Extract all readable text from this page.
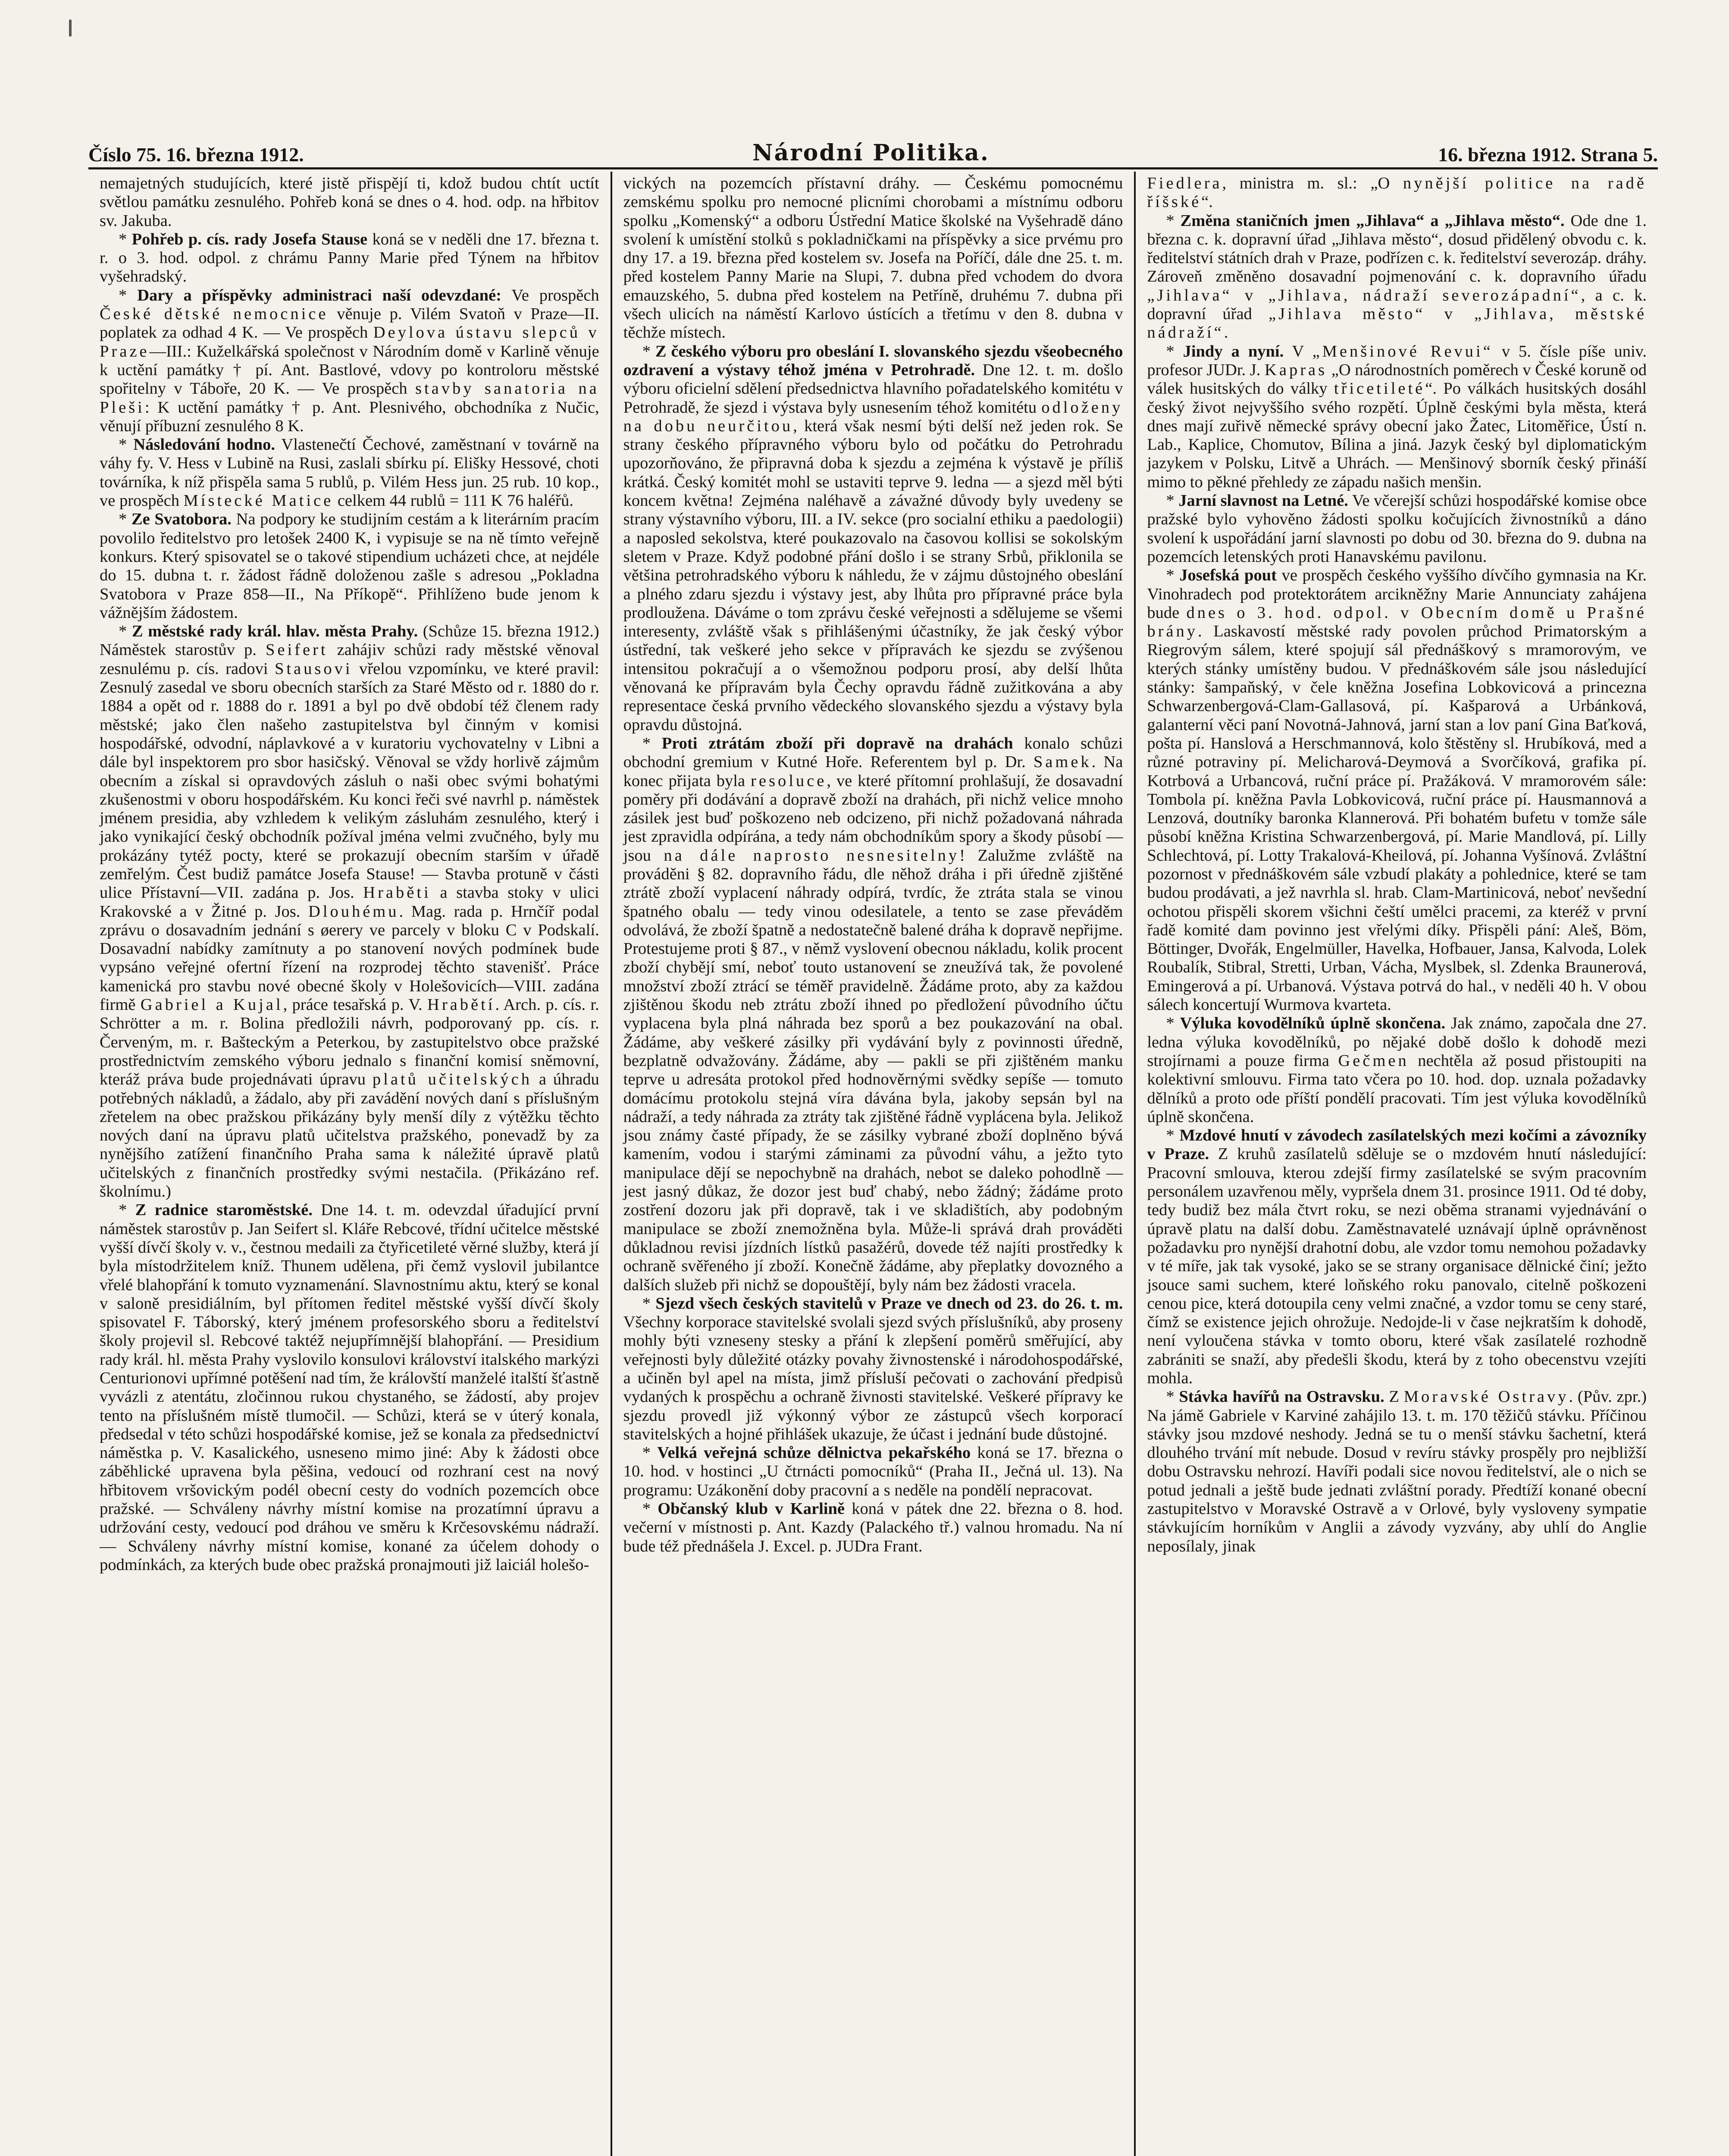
Číslo 75. 16. března 1912.	Národní Politika.	16. března 1912. Strana 5.

nemajetných studujících, které jistě přispějí ti, kdož budou chtít uctít světlou památku zesnulého. Pohřeb koná se dnes o 4. hod. odp. na hřbitov sv. Jakuba.

* Pohřeb p. cís. rady Josefa Stause koná se v neděli dne 17. března t. r. o 3. hod. odpol. z chrámu Panny Marie před Týnem na hřbitov vyšehradský.

* Dary a příspěvky administraci naší odevzdané: Ve prospěch České dětské nemocnice věnuje p. Vilém Svatoň v Praze—II. poplatek za odhad 4 K. — Ve prospěch Deylova ústavu slepců v Praze—III.: Kuželkářská společnost v Národním domě v Karlině věnuje k uctění památky † pí. Ant. Bastlové, vdovy po kontroloru městské spořitelny v Táboře, 20 K. — Ve prospěch stavby sanatoria na Pleši: K uctění památky † p. Ant. Plesnivého, obchodníka z Nučic, věnují příbuzní zesnulého 8 K.

* Následování hodno. Vlastenečtí Čechové, zaměstnaní v továrně na váhy fy. V. Hess v Lubině na Rusi, zaslali sbírku pí. Elišky Hessové, choti továrníka, k níž přispěla sama 5 rublů, p. Vilém Hess jun. 25 rub. 10 kop., ve prospěch Místecké Matice celkem 44 rublů = 111 K 76 haléřů.

* Ze Svatobora. Na podpory ke studijním cestám a k literárním pracím povolilo ředitelstvo pro letošek 2400 K, i vypisuje se na ně tímto veřejně konkurs. Který spisovatel se o takové stipendium ucházeti chce, at nejdéle do 15. dubna t. r. žádost řádně doloženou zašle s adresou „Pokladna Svatobora v Praze 858—II., Na Příkopě“. Přihlíženo bude jenom k vážnějším žádostem.

* Z městské rady král. hlav. města Prahy. (Schůze 15. března 1912.) Náměstek starostův p. Seifert zahájiv schůzi rady městské věnoval zesnulému p. cís. radovi Stausovi vřelou vzpomínku, ve které pravil: Zesnulý zasedal ve sboru obecních starších za Staré Město od r. 1880 do r. 1884 a opět od r. 1888 do r. 1891 a byl po dvě období též členem rady městské; jako člen našeho zastupitelstva byl činným v komisi hospodářské, odvodní, náplavkové a v kuratoriu vychovatelny v Libni a dále byl inspektorem pro sbor hasičský. Věnoval se vždy horlivě zájmům obecním a získal si opravdových zásluh o naši obec svými bohatými zkušenostmi v oboru hospodářském. Ku konci řeči své navrhl p. náměstek jménem presidia, aby vzhledem k velikým zásluhám zesnulého, který i jako vynikající český obchodník požíval jména velmi zvučného, byly mu prokázány tytéž pocty, které se prokazují obecním starším v úřadě zemřelým. Čest budiž památce Josefa Stause! — Stavba protuně v části ulice Přístavní—VII. zadána p. Jos. Hraběti a stavba stoky v ulici Krakovské a v Žitné p. Jos. Dlouhému. Mag. rada p. Hrnčíř podal zprávu o dosavadním jednání s øerery ve parcely v bloku C v Podskalí. Dosavadní nabídky zamítnuty a po stanovení nových podmínek bude vypsáno veřejné ofertní řízení na rozprodej těchto stavenišť. Práce kamenická pro stavbu nové obecné školy v Holešovicích—VIII. zadána firmě Gabriel a Kujal, práce tesařská p. V. Hrabětí. Arch. p. cís. r. Schrötter a m. r. Bolina předložili návrh, podporovaný pp. cís. r. Červeným, m. r. Bašteckým a Peterkou, by zastupitelstvo obce pražské prostřednictvím zemského výboru jednalo s finanční komisí sněmovní, kteráž práva bude projednávati úpravu platů učitelských a úhradu potřebných nákladů, a žádalo, aby při zavádění nových daní s příslušným zřetelem na obec pražskou přikázány byly menší díly z výtěžku těchto nových daní na úpravu platů učitelstva pražského, ponevadž by za nynějšího zatížení finančního Praha sama k náležité úpravě platů učitelských z finančních prostředky svými nestačila. (Přikázáno ref. školnímu.)

* Z radnice staroměstské. Dne 14. t. m. odevzdal úřadující první náměstek starostův p. Jan Seifert sl. Kláře Rebcové, třídní učitelce městské vyšší dívčí školy v. v., čestnou medaili za čtyřicetileté věrné služby, která jí byla místodržitelem kníž. Thunem udělena, při čemž vyslovil jubilantce vřelé blahopřání k tomuto vyznamenání. Slavnostnímu aktu, který se konal v saloně presidiálním, byl přítomen ředitel městské vyšší dívčí školy spisovatel F. Táborský, který jménem profesorského sboru a ředitelství školy projevil sl. Rebcové taktéž nejupřímnější blahopřání. — Presidium rady král. hl. města Prahy vyslovilo konsulovi království italského markýzi Centurionovi upřímné potěšení nad tím, že královští manželé italští šťastně vyvázli z atentátu, zločinnou rukou chystaného, se žádostí, aby projev tento na příslušném místě tlumočil. — Schůzi, která se v úterý konala, předsedal v této schůzi hospodářské komise, jež se konala za předsednictví náměstka p. V. Kasalického, usneseno mimo jiné: Aby k žádosti obce záběhlické upravena byla pěšina, vedoucí od rozhraní cest na nový hřbitovem vršovickým podél obecní cesty do vodních pozemcích obce pražské. — Schváleny návrhy místní komise na prozatímní úpravu a udržování cesty, vedoucí pod dráhou ve směru k Krčesovskému nádraží. — Schváleny návrhy místní komise, konané za účelem dohody o podmínkách, za kterých bude obec pražská pronajmouti již laiciál holešo-

vických na pozemcích přístavní dráhy. — Českému pomocnému zemskému spolku pro nemocné plicními chorobami a místnímu odboru spolku „Komenský“ a odboru Ústřední Matice školské na Vyšehradě dáno svolení k umístění stolků s pokladničkami na příspěvky a sice prvému pro dny 17. a 19. března před kostelem sv. Josefa na Poříčí, dále dne 25. t. m. před kostelem Panny Marie na Slupi, 7. dubna před vchodem do dvora emauzského, 5. dubna před kostelem na Petříně, druhému 7. dubna při všech ulicích na náměstí Karlovo ústících a třetímu v den 8. dubna v těchže místech.

* Z českého výboru pro obeslání I. slovanského sjezdu všeobecného ozdravení a výstavy téhož jména v Petrohradě. Dne 12. t. m. došlo výboru oficielní sdělení předsednictva hlavního pořadatelského komitétu v Petrohradě, že sjezd i výstava byly usnesením téhož komitétu odloženy na dobu neurčitou, která však nesmí býti delší než jeden rok. Se strany českého přípravného výboru bylo od počátku do Petrohradu upozorňováno, že připravná doba k sjezdu a zejména k výstavě je příliš krátká. Český komitét mohl se ustaviti teprve 9. ledna — a sjezd měl býti koncem května! Zejména naléhavě a závažné důvody byly uvedeny se strany výstavního výboru, III. a IV. sekce (pro socialní ethiku a paedologii) a naposled sekolstva, které poukazovalo na časovou kollisi se sokolským sletem v Praze. Když podobné přání došlo i se strany Srbů, přiklonila se většina petrohradského výboru k náhledu, že v zájmu důstojného obeslání a plného zdaru sjezdu i výstavy jest, aby lhůta pro přípravné práce byla prodloužena. Dáváme o tom zprávu české veřejnosti a sdělujeme se všemi interesenty, zvláště však s přihlášenými účastníky, že jak český výbor ústřední, tak veškeré jeho sekce v přípravách ke sjezdu se zvýšenou intensitou pokračují a o všemožnou podporu prosí, aby delší lhůta věnovaná ke přípravám byla Čechy opravdu řádně zužitkována a aby representace česká prvního vědeckého slovanského sjezdu a výstavy byla opravdu důstojná.

* Proti ztrátám zboží při dopravě na drahách konalo schůzi obchodní gremium v Kutné Hoře. Referentem byl p. Dr. Samek. Na konec přijata byla resoluce, ve které přítomní prohlašují, že dosavadní poměry při dodávání a dopravě zboží na drahách, při nichž velice mnoho zásilek jest buď poškozeno neb odcizeno, při nichž požadovaná náhrada jest zpravidla odpírána, a tedy nám obchodníkům spory a škody působí — jsou na dále naprosto nesnesitelny! Zalužme zvláště na prováděni § 82. dopravního řádu, dle něhož dráha i při úředně zjištěné ztrátě zboží vyplacení náhrady odpírá, tvrdíc, že ztráta stala se vinou špatného obalu — tedy vinou odesilatele, a tento se zase převáděm odvolává, že zboží špatně a nedostatečně balené dráha k dopravě nepřijme. Protestujeme proti § 87., v němž vyslovení obecnou nákladu, kolik procent zboží chybějí smí, neboť touto ustanovení se zneužívá tak, že povolené množství zboží ztrácí se téměř pravidelně. Žádáme proto, aby za každou zjištěnou škodu neb ztrátu zboží ihned po předložení původního účtu vyplacena byla plná náhrada bez sporů a bez poukazování na obal. Žádáme, aby veškeré zásilky při vydávání byly z povinnosti úředně, bezplatně odvažovány. Žádáme, aby — pakli se při zjištěném manku teprve u adresáta protokol před hodnověrnými svědky sepíše — tomuto domácímu protokolu stejná víra dávána byla, jakoby sepsán byl na nádraží, a tedy náhrada za ztráty tak zjištěné řádně vyplácena byla. Jelikož jsou známy časté případy, že se zásilky vybrané zboží doplněno bývá kamením, vodou i starými záminami za původní váhu, a ježto tyto manipulace dějí se nepochybně na drahách, nebot se daleko pohodlně — jest jasný důkaz, že dozor jest buď chabý, nebo žádný; žádáme proto zostření dozoru jak při dopravě, tak i ve skladištích, aby podobným manipulace se zboží znemožněna byla. Může-li správá drah prováděti důkladnou revisi jízdních lístků pasažérů, dovede též najíti prostředky k ochraně svěřeného jí zboží. Konečně žádáme, aby přeplatky dovozného a dalších služeb při nichž se dopouštějí, byly nám bez žádosti vracela.

* Sjezd všech českých stavitelů v Praze ve dnech od 23. do 26. t. m. Všechny korporace stavitelské svolali sjezd svých příslušníků, aby proseny mohly býti vzneseny stesky a přání k zlepšení poměrů směřující, aby veřejnosti byly důležité otázky povahy živnostenské i národohospodářské, a učiněn byl apel na místa, jimž přísluší pečovati o zachování předpisů vydaných k prospěchu a ochraně živnosti stavitelské. Veškeré přípravy ke sjezdu provedl již výkonný výbor ze zástupců všech korporací stavitelských a hojné přihlášek ukazuje, že účast i jednání bude důstojné.

* Velká veřejná schůze dělnictva pekařského koná se 17. března o 10. hod. v hostinci „U čtrnácti pomocníků“ (Praha II., Ječná ul. 13). Na programu: Uzákonění doby pracovní a s neděle na pondělí nepracovat.

* Občanský klub v Karlině koná v pátek dne 22. března o 8. hod. večerní v místnosti p. Ant. Kazdy (Palackého tř.) valnou hromadu. Na ní bude též přednášela J. Excel. p. JUDra Frant.

Fiedlera, ministra m. sl.: „O nynější politice na radě říšské“.

* Změna staničních jmen „Jihlava“ a „Jihlava město“. Ode dne 1. března c. k. dopravní úřad „Jihlava město“, dosud přidělený obvodu c. k. ředitelství státních drah v Praze, podřízen c. k. ředitelství severozáp. dráhy. Zároveň změněno dosavadní pojmenování c. k. dopravního úřadu „Jihlava“ v „Jihlava, nádraží severozápadní“, a c. k. dopravní úřad „Jihlava město“ v „Jihlava, městské nádraží“.

* Jindy a nyní. V „Menšinové Revui“ v 5. čísle píše univ. profesor JUDr. J. Kapras „O národnostních poměrech v České koruně od válek husitských do války třicetileté“. Po válkách husitských dosáhl český život nejvyššího svého rozpětí. Úplně českými byla města, která dnes mají zuřivě německé správy obecní jako Žatec, Litoměřice, Ústí n. Lab., Kaplice, Chomutov, Bílina a jiná. Jazyk český byl diplomatickým jazykem v Polsku, Litvě a Uhrách. — Menšinový sborník český přináší mimo to pěkné přehledy ze západu našich menšin.

* Jarní slavnost na Letné. Ve včerejší schůzi hospodářské komise obce pražské bylo vyhověno žádosti spolku kočujících živnostníků a dáno svolení k uspořádání jarní slavnosti po dobu od 30. března do 9. dubna na pozemcích letenských proti Hanavskému pavilonu.

* Josefská pout ve prospěch českého vyššího dívčího gymnasia na Kr. Vinohradech pod protektorátem arcikněžny Marie Annunciaty zahájena bude dnes o 3. hod. odpol. v Obecním domě u Prašné brány. Laskavostí městské rady povolen průchod Primatorským a Riegrovým sálem, které spojují sál přednáškový s mramorovým, ve kterých stánky umístěny budou. V přednáškovém sále jsou následující stánky: šampaňský, v čele kněžna Josefina Lobkovicová a princezna Schwarzenbergová-Clam-Gallasová, pí. Kašparová a Urbánková, galanterní věci paní Novotná-Jahnová, jarní stan a lov paní Gina Baťková, pošta pí. Hanslová a Herschmannová, kolo štěstěny sl. Hrubíková, med a různé potraviny pí. Melicharová-Deymová a Svorčíková, grafika pí. Kotrbová a Urbancová, ruční práce pí. Pražáková. V mramorovém sále: Tombola pí. kněžna Pavla Lobkovicová, ruční práce pí. Hausmannová a Lenzová, doutníky baronka Klannerová. Při bohatém bufetu v tomže sále působí kněžna Kristina Schwarzenbergová, pí. Marie Mandlová, pí. Lilly Schlechtová, pí. Lotty Trakalová-Kheilová, pí. Johanna Vyšínová. Zvláštní pozornost v přednáškovém sále vzbudí plakáty a pohlednice, které se tam budou prodávati, a jež navrhla sl. hrab. Clam-Martinicová, neboť nevšední ochotou přispěli skorem všichni čeští umělci pracemi, za kteréž v první řadě komité dam povinno jest vřelými díky. Přispěli pání: Aleš, Böm, Böttinger, Dvořák, Engelmüller, Havelka, Hofbauer, Jansa, Kalvoda, Lolek Roubalík, Stibral, Stretti, Urban, Vácha, Myslbek, sl. Zdenka Braunerová, Emingerová a pí. Urbanová. Výstava potrvá do hal., v neděli 40 h. V obou sálech koncertují Wurmova kvarteta.

* Výluka kovodělníků úplně skončena. Jak známo, započala dne 27. ledna výluka kovodělníků, po nějaké době došlo k dohodě mezi strojírnami a pouze firma Gečmen nechtěla až posud přistoupiti na kolektivní smlouvu. Firma tato včera po 10. hod. dop. uznala požadavky dělníků a proto ode příští pondělí pracovati. Tím jest výluka kovodělníků úplně skončena.

* Mzdové hnutí v závodech zasílatelských mezi kočími a závozníky v Praze. Z kruhů zasílatelů sděluje se o mzdovém hnutí následující: Pracovní smlouva, kterou zdejší firmy zasílatelské se svým pracovním personálem uzavřenou měly, vypršela dnem 31. prosince 1911. Od té doby, tedy budiž bez mála čtvrt roku, se nezi oběma stranami vyjednávání o úpravě platu na další dobu. Zaměstnavatelé uznávají úplně oprávněnost požadavku pro nynější drahotní dobu, ale vzdor tomu nemohou požadavky v té míře, jak tak vysoké, jako se se strany organisace dělnické činí; ježto jsouce sami suchem, které loňského roku panovalo, citelně poškozeni cenou pice, která dotoupila ceny velmi značné, a vzdor tomu se ceny staré, čímž se existence jejich ohrožuje. Nedojde-li v čase nejkratším k dohodě, není vyloučena stávka v tomto oboru, které však zasílatelé rozhodně zabrániti se snaží, aby předešli škodu, která by z toho obecenstvu vzejíti mohla.

* Stávka havířů na Ostravsku. Z Moravské Ostravy. (Pův. zpr.) Na jámě Gabriele v Karviné zahájilo 13. t. m. 170 těžičů stávku. Příčinou stávky jsou mzdové neshody. Jedná se tu o menší stávku šachetní, která dlouhého trvání mít nebude. Dosud v revíru stávky prospěly pro nejbližší dobu Ostravsku nehrozí. Havíři podali sice novou ředitelství, ale o nich se potud jednali a ještě bude jednati zvláštní porady. Předtíží konané obecní zastupitelstvo v Moravské Ostravě a v Orlové, byly vysloveny sympatie stávkujícím horníkům v Anglii a závody vyzvány, aby uhlí do Anglie neposílaly, jinak
